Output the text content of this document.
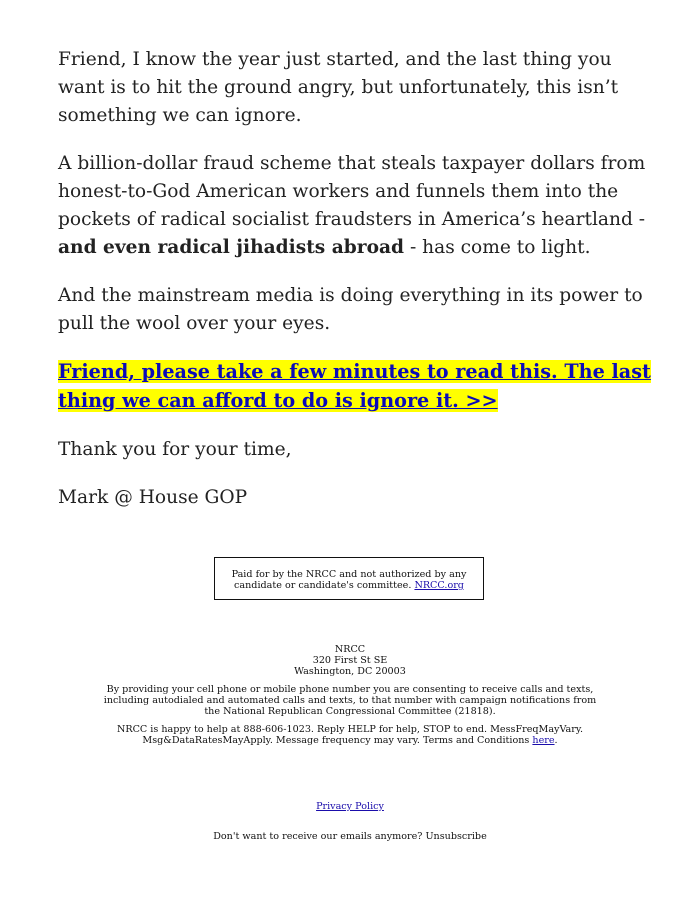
Friend, I know the year just started, and the last thing you want is to hit the ground angry, but unfortunately, this isn’t something we can ignore.

A billion-dollar fraud scheme that steals taxpayer dollars from honest-to-God American workers and funnels them into the pockets of radical socialist fraudsters in America’s heartland - and even radical jihadists abroad - has come to light.

And the mainstream media is doing everything in its power to pull the wool over your eyes.

Friend, please take a few minutes to read this. The last
thing we can afford to do is ignore it. >>

Thank you for your time,

Mark @ House GOP

Paid for by the NRCC and not authorized by any candidate or candidate's committee. NRCC.org
NRCC
320 First St SE
Washington, DC 20003
By providing your cell phone or mobile phone number you are consenting to receive calls and texts, including autodialed and automated calls and texts, to that number with campaign notifications from the National Republican Congressional Committee (21818).
NRCC is happy to help at 888-606-1023. Reply HELP for help, STOP to end. MessFreqMayVary. Msg&DataRatesMayApply. Message frequency may vary. Terms and Conditions here.
Privacy Policy
Don't want to receive our emails anymore? Unsubscribe
